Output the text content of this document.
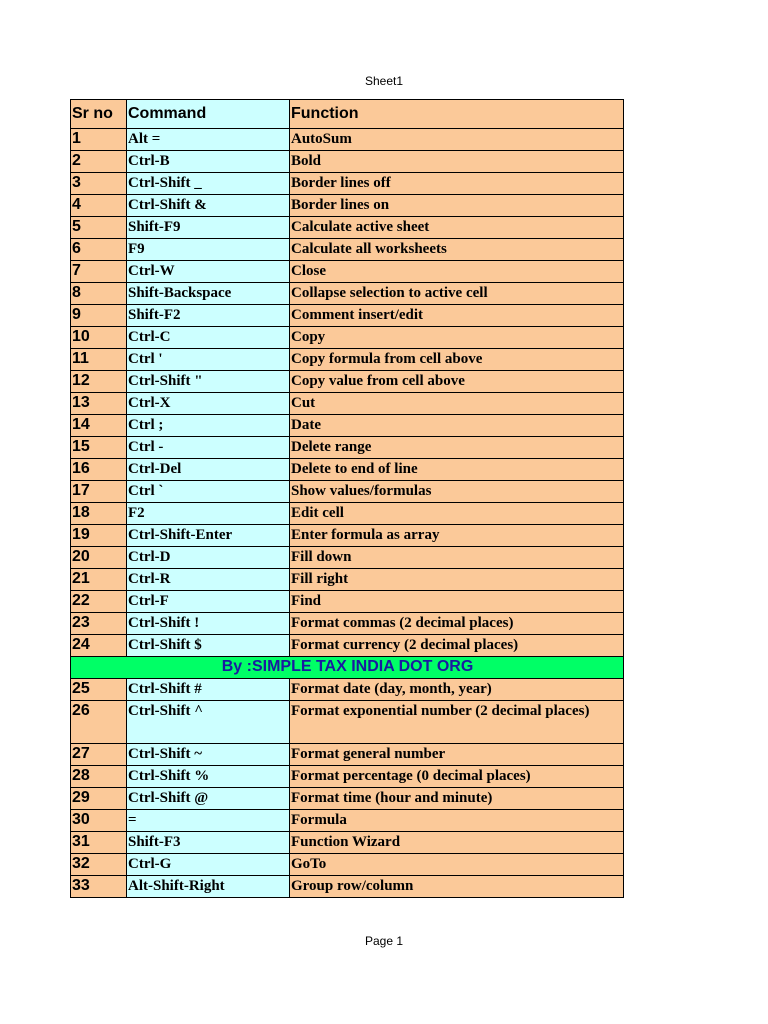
Sheet1
Sr no	Command	Function
1	Alt =	AutoSum
2	Ctrl-B	Bold
3	Ctrl-Shift _	Border lines off
4	Ctrl-Shift &	Border lines on
5	Shift-F9	Calculate active sheet
6	F9	Calculate all worksheets
7	Ctrl-W	Close
8	Shift-Backspace	Collapse selection to active cell
9	Shift-F2	Comment insert/edit
10	Ctrl-C	Copy
11	Ctrl '	Copy formula from cell above
12	Ctrl-Shift "	Copy value from cell above
13	Ctrl-X	Cut
14	Ctrl ;	Date
15	Ctrl -	Delete range
16	Ctrl-Del	Delete to end of line
17	Ctrl `	Show values/formulas
18	F2	Edit cell
19	Ctrl-Shift-Enter	Enter formula as array
20	Ctrl-D	Fill down
21	Ctrl-R	Fill right
22	Ctrl-F	Find
23	Ctrl-Shift !	Format commas (2 decimal places)
24	Ctrl-Shift $	Format currency (2 decimal places)
By :SIMPLE TAX INDIA DOT ORG		
25	Ctrl-Shift #	Format date (day, month, year)
26	Ctrl-Shift ^	Format exponential number (2 decimal places)
27	Ctrl-Shift ~	Format general number
28	Ctrl-Shift %	Format percentage (0 decimal places)
29	Ctrl-Shift @	Format time (hour and minute)
30	=	Formula
31	Shift-F3	Function Wizard
32	Ctrl-G	GoTo
33	Alt-Shift-Right	Group row/column
Page 1
